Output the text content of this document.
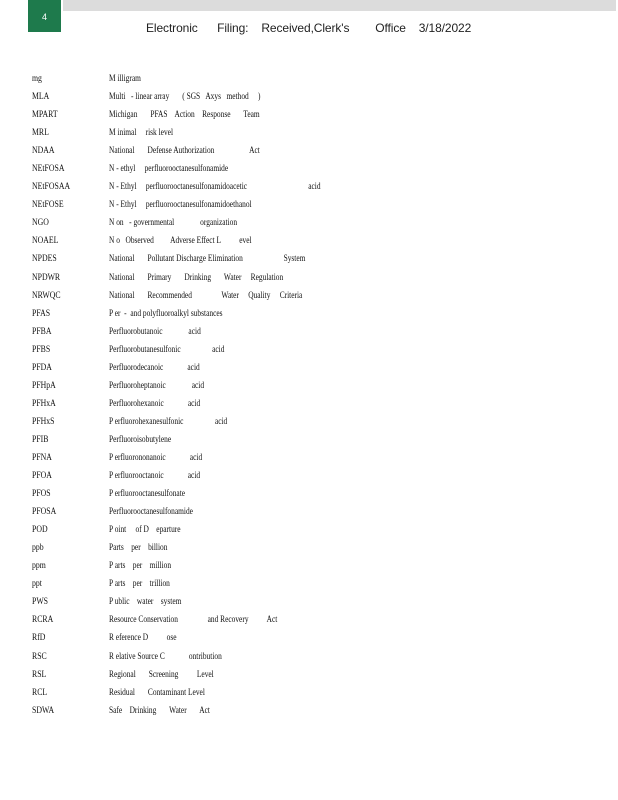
4
Electronic      Filing:    Received,Clerk's        Office    3/18/2022
mg	M illigram
MLA	Multi   - linear array       ( SGS   Axys   method     )
MPART	Michigan       PFAS    Action    Response       Team
MRL	M inimal     risk level
NDAA	National       Defense Authorization                   Act
NEtFOSA	N - ethyl     perfluorooctanesulfonamide
NEtFOSAA	N - Ethyl     perfluorooctanesulfonamidoacetic                                 acid
NEtFOSE	N - Ethyl     perfluorooctanesulfonamidoethanol
NGO	N on   - governmental              organization
NOAEL	N o   Observed         Adverse Effect L          evel
NPDES	National       Pollutant Discharge Elimination                      System
NPDWR	National       Primary       Drinking       Water     Regulation
NRWQC	National       Recommended                Water     Quality     Criteria
PFAS	P er  -  and polyfluoroalkyl substances
PFBA	Perfluorobutanoic              acid
PFBS	Perfluorobutanesulfonic                 acid
PFDA	Perfluorodecanoic             acid
PFHpA	Perfluoroheptanoic              acid
PFHxA	Perfluorohexanoic             acid
PFHxS	P erfluorohexanesulfonic                 acid
PFIB	Perfluoroisobutylene
PFNA	P erfluorononanoic             acid
PFOA	P erfluorooctanoic             acid
PFOS	P erfluorooctanesulfonate
PFOSA	Perfluorooctanesulfonamide
POD	P oint     of D    eparture
ppb	Parts    per    billion
ppm	P arts    per    million
ppt	P arts    per    trillion
PWS	P ublic    water    system
RCRA	Resource Conservation                and Recovery          Act
RfD	R eference D          ose
RSC	R elative Source C             ontribution
RSL	Regional       Screening          Level
RCL	Residual       Contaminant Level
SDWA	Safe    Drinking       Water       Act
